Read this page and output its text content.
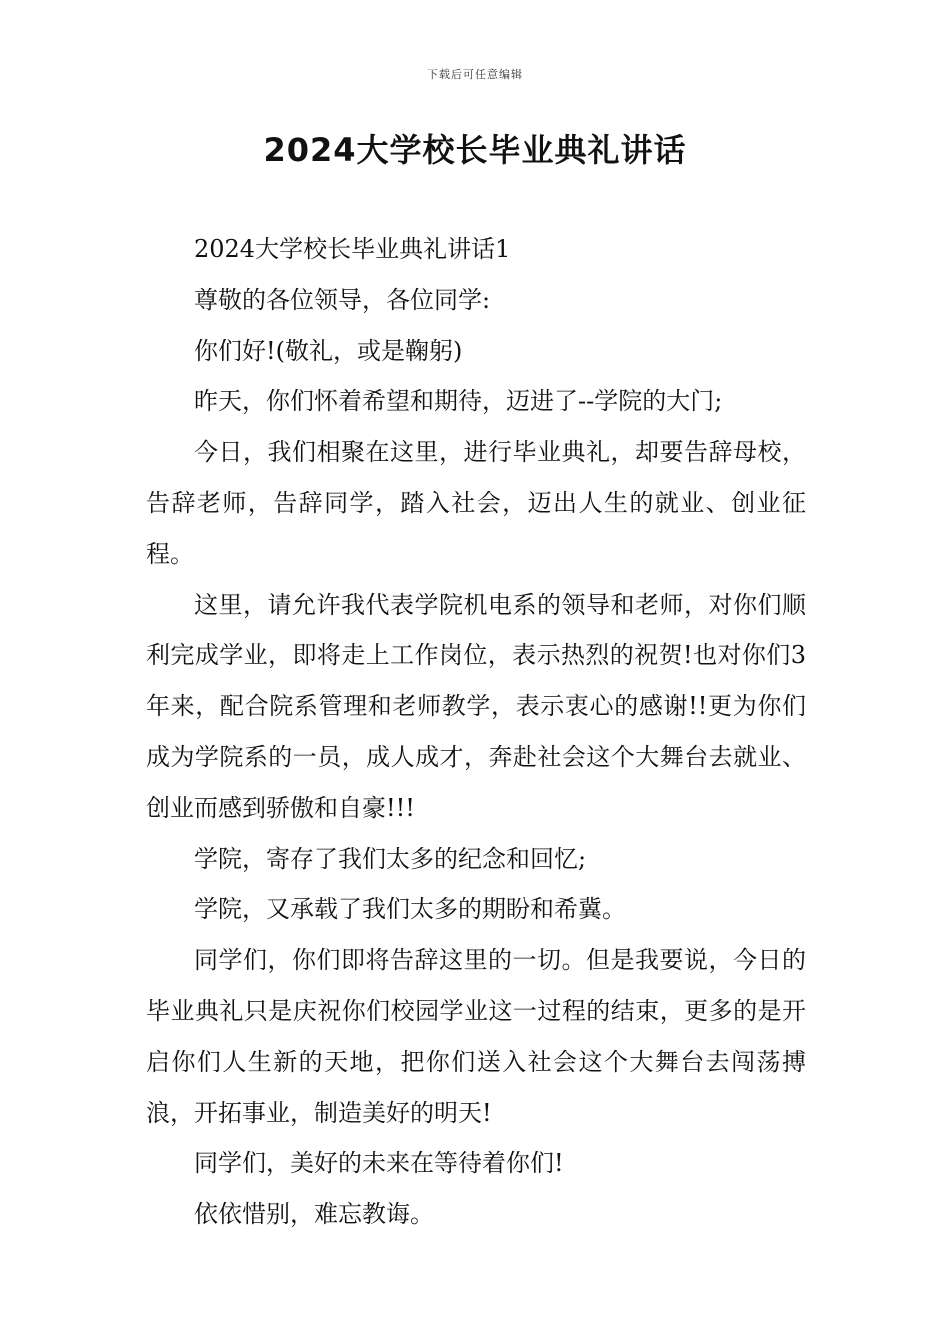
下载后可任意编辑
2024大学校长毕业典礼讲话

2024大学校长毕业典礼讲话1

尊敬的各位领导，各位同学:

你们好!(敬礼，或是鞠躬)

昨天，你们怀着希望和期待，迈进了--学院的大门;

今日，我们相聚在这里，进行毕业典礼，却要告辞母校，告辞老师，告辞同学，踏入社会，迈出人生的就业、创业征程。

这里，请允许我代表学院机电系的领导和老师，对你们顺利完成学业，即将走上工作岗位，表示热烈的祝贺!也对你们3年来，配合院系管理和老师教学，表示衷心的感谢!!更为你们成为学院系的一员，成人成才，奔赴社会这个大舞台去就业、创业而感到骄傲和自豪!!!

学院，寄存了我们太多的纪念和回忆;

学院，又承载了我们太多的期盼和希冀。

同学们，你们即将告辞这里的一切。但是我要说，今日的毕业典礼只是庆祝你们校园学业这一过程的结束，更多的是开启你们人生新的天地，把你们送入社会这个大舞台去闯荡搏浪，开拓事业，制造美好的明天!

同学们，美好的未来在等待着你们!

依依惜别，难忘教诲。
